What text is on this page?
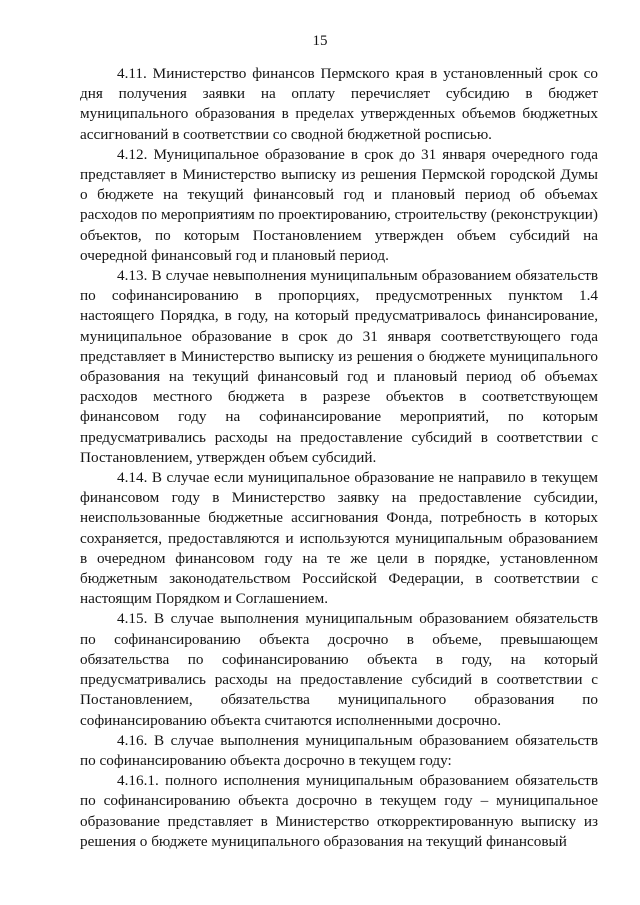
15

4.11. Министерство финансов Пермского края в установленный срок со дня получения заявки на оплату перечисляет субсидию в бюджет муниципального образования в пределах утвержденных объемов бюджетных ассигнований в соответствии со сводной бюджетной росписью.

4.12. Муниципальное образование в срок до 31 января очередного года представляет в Министерство выписку из решения Пермской городской Думы о бюджете на текущий финансовый год и плановый период об объемах расходов по мероприятиям по проектированию, строительству (реконструкции) объектов, по которым Постановлением утвержден объем субсидий на очередной финансовый год и плановый период.

4.13. В случае невыполнения муниципальным образованием обязательств по софинансированию в пропорциях, предусмотренных пунктом 1.4 настоящего Порядка, в году, на который предусматривалось финансирование, муниципальное образование в срок до 31 января соответствующего года представляет в Министерство выписку из решения о бюджете муниципального образования на текущий финансовый год и плановый период об объемах расходов местного бюджета в разрезе объектов в соответствующем финансовом году на софинансирование мероприятий, по которым предусматривались расходы на предоставление субсидий в соответствии с Постановлением, утвержден объем субсидий.

4.14. В случае если муниципальное образование не направило в текущем финансовом году в Министерство заявку на предоставление субсидии, неиспользованные бюджетные ассигнования Фонда, потребность в которых сохраняется, предоставляются и используются муниципальным образованием в очередном финансовом году на те же цели в порядке, установленном бюджетным законодательством Российской Федерации, в соответствии с настоящим Порядком и Соглашением.

4.15. В случае выполнения муниципальным образованием обязательств по софинансированию объекта досрочно в объеме, превышающем обязательства по софинансированию объекта в году, на который предусматривались расходы на предоставление субсидий в соответствии с Постановлением, обязательства муниципального образования по софинансированию объекта считаются исполненными досрочно.

4.16. В случае выполнения муниципальным образованием обязательств по софинансированию объекта досрочно в текущем году:

4.16.1. полного исполнения муниципальным образованием обязательств по софинансированию объекта досрочно в текущем году – муниципальное образование представляет в Министерство откорректированную выписку из решения о бюджете муниципального образования на текущий финансовый
